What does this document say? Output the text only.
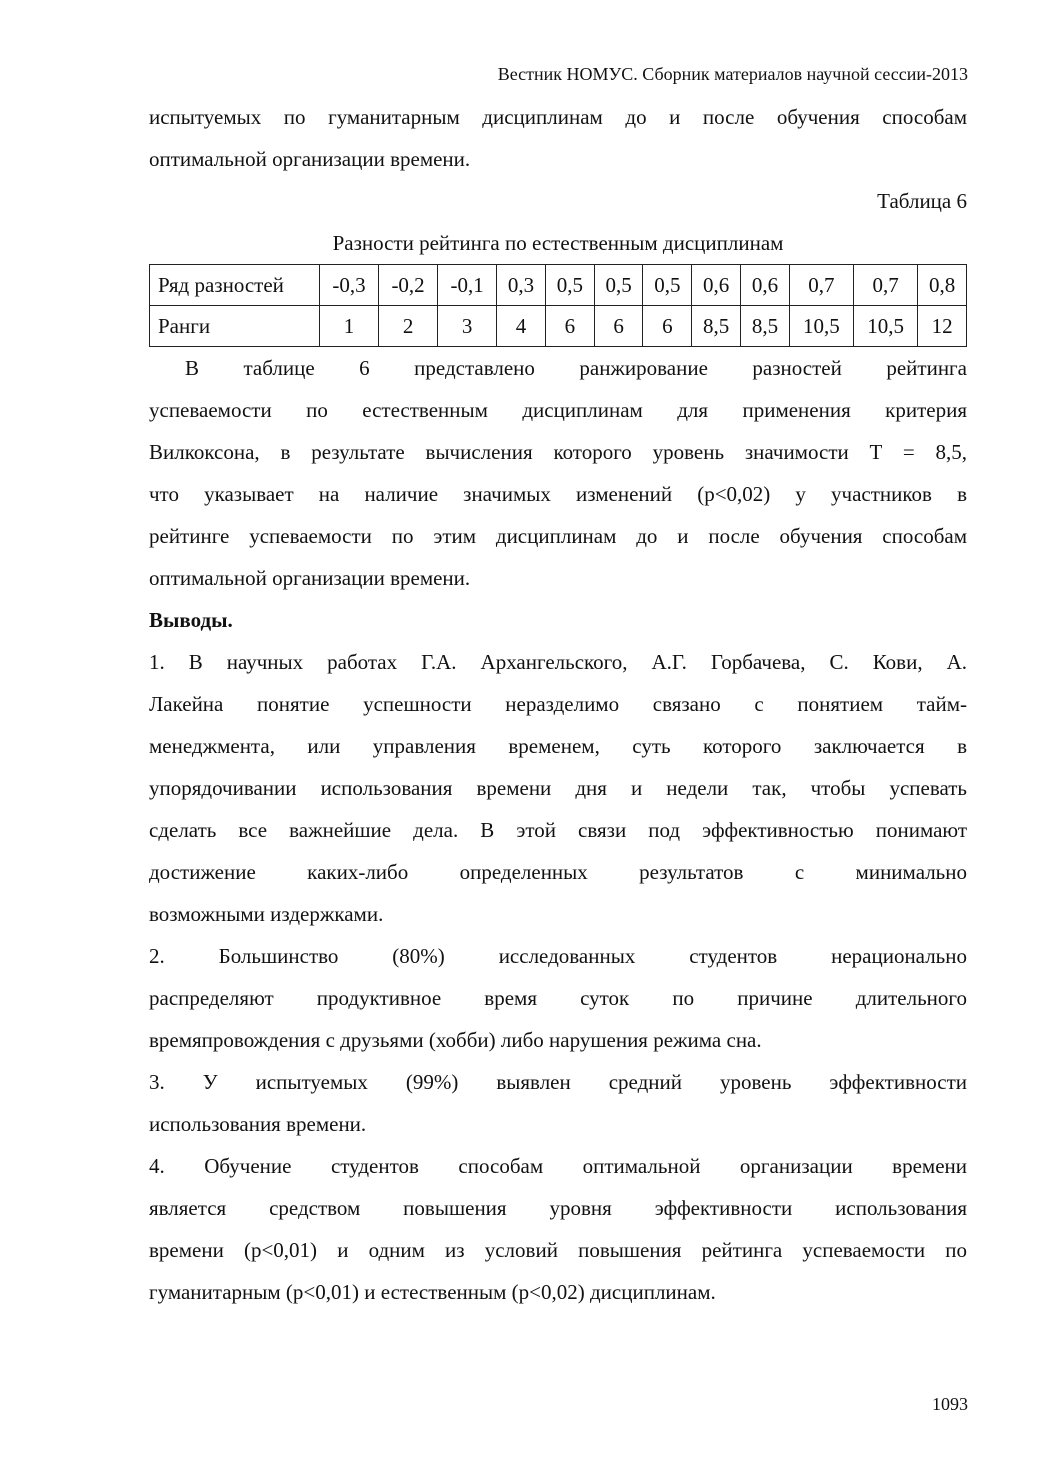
Вестник НОМУС. Сборник материалов научной сессии-2013

испытуемых по гуманитарным дисциплинам до и после обучения способам

оптимальной организации времени.

Таблица 6

Разности рейтинга по естественным дисциплинам

Ряд разностей	-0,3	-0,2	-0,1	0,3	0,5	0,5	0,5	0,6	0,6	0,7	0,7	0,8
Ранги	1	2	3	4	6	6	6	8,5	8,5	10,5	10,5	12

В таблице 6 представлено ранжирование разностей рейтинга

успеваемости по естественным дисциплинам для применения критерия

Вилкоксона, в результате вычисления которого уровень значимости T = 8,5,

что указывает на наличие значимых изменений (p<0,02) у участников в

рейтинге успеваемости по этим дисциплинам до и после обучения способам

оптимальной организации времени.

Выводы.

1. В научных работах Г.А. Архангельского, А.Г. Горбачева, С. Кови, А.

Лакейна понятие успешности неразделимо связано с понятием тайм-

менеджмента, или управления временем, суть которого заключается в

упорядочивании использования времени дня и недели так, чтобы успевать

сделать все важнейшие дела. В этой связи под эффективностью понимают

достижение каких-либо определенных результатов с минимально

возможными издержками.

2. Большинство (80%) исследованных студентов нерационально

распределяют продуктивное время суток по причине длительного

времяпровождения с друзьями (хобби) либо нарушения режима сна.

3. У испытуемых (99%) выявлен средний уровень эффективности

использования времени.

4. Обучение студентов способам оптимальной организации времени

является средством повышения уровня эффективности использования

времени (p<0,01) и одним из условий повышения рейтинга успеваемости по

гуманитарным (p<0,01) и естественным (p<0,02) дисциплинам.

1093
